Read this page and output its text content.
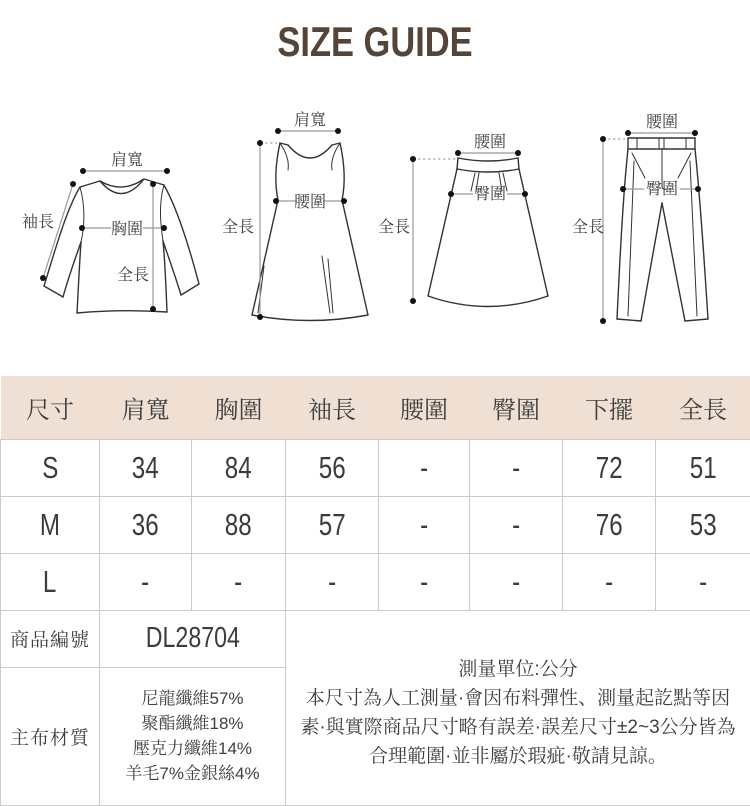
SIZE GUIDE
肩寬
袖長	胸圍
全長
肩寬
腰圍
全長
腰圍
臀圍
全長
腰圍
臀圍
全長
尺寸	肩寬	胸圍	袖長	腰圍	臀圍	下擺	全長
S	34	84	56	-	-	72	51
M	36	88	57	-	-	76	53
L	-	-	-	-	-	-	-
商品編號	DL28704		測量單位:公分
本尺寸為人工測量·會因布料彈性、測量起訖點等因素·與實際商品尺寸略有誤差·誤差尺寸±2~3公分皆為合理範圍·並非屬於瑕疵·敬請見諒。				

主布材質	尼龍纖維57%
聚酯纖維18%
壓克力纖維14%
羊毛7%金銀絲4%						
